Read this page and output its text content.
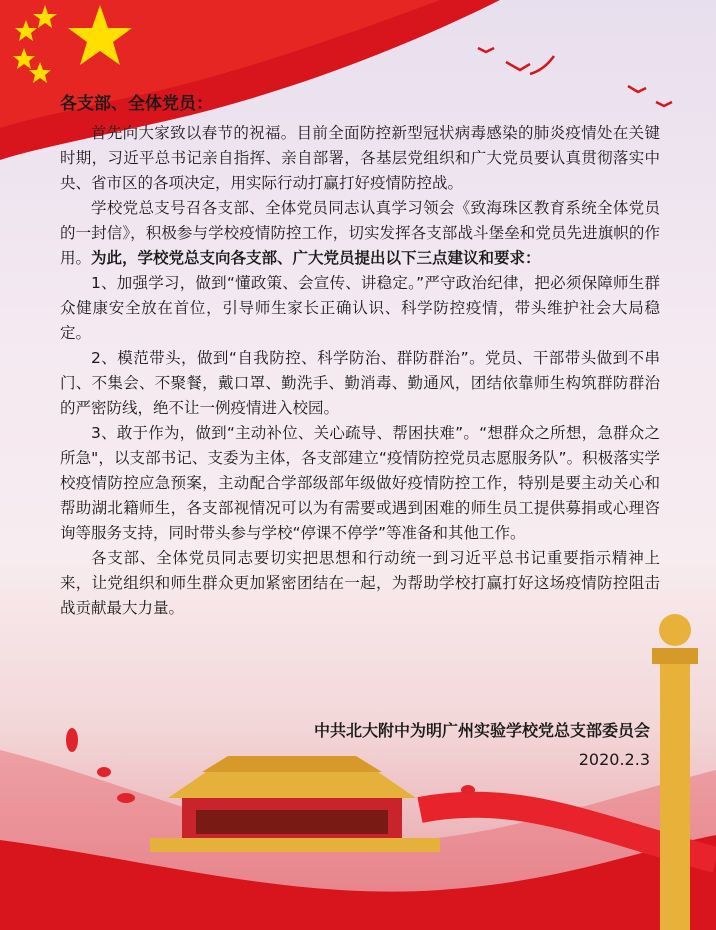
各支部、全体党员：

首先向大家致以春节的祝福。目前全面防控新型冠状病毒感染的肺炎疫情处在关键时期，习近平总书记亲自指挥、亲自部署，各基层党组织和广大党员要认真贯彻落实中央、省市区的各项决定，用实际行动打赢打好疫情防控战。

学校党总支号召各支部、全体党员同志认真学习领会《致海珠区教育系统全体党员的一封信》，积极参与学校疫情防控工作，切实发挥各支部战斗堡垒和党员先进旗帜的作用。为此，学校党总支向各支部、广大党员提出以下三点建议和要求：

1、加强学习，做到“懂政策、会宣传、讲稳定。”严守政治纪律，把必须保障师生群众健康安全放在首位，引导师生家长正确认识、科学防控疫情，带头维护社会大局稳定。

2、模范带头，做到“自我防控、科学防治、群防群治”。党员、干部带头做到不串门、不集会、不聚餐，戴口罩、勤洗手、勤消毒、勤通风，团结依靠师生构筑群防群治的严密防线，绝不让一例疫情进入校园。

3、敢于作为，做到“主动补位、关心疏导、帮困扶难”。“想群众之所想，急群众之所急"，以支部书记、支委为主体，各支部建立“疫情防控党员志愿服务队”。积极落实学校疫情防控应急预案，主动配合学部级部年级做好疫情防控工作，特别是要主动关心和帮助湖北籍师生，各支部视情况可以为有需要或遇到困难的师生员工提供募捐或心理咨询等服务支持，同时带头参与学校“停课不停学”等准备和其他工作。

各支部、全体党员同志要切实把思想和行动统一到习近平总书记重要指示精神上来，让党组织和师生群众更加紧密团结在一起，为帮助学校打赢打好这场疫情防控阻击战贡献最大力量。

中共北大附中为明广州实验学校党总支部委员会
2020.2.3
